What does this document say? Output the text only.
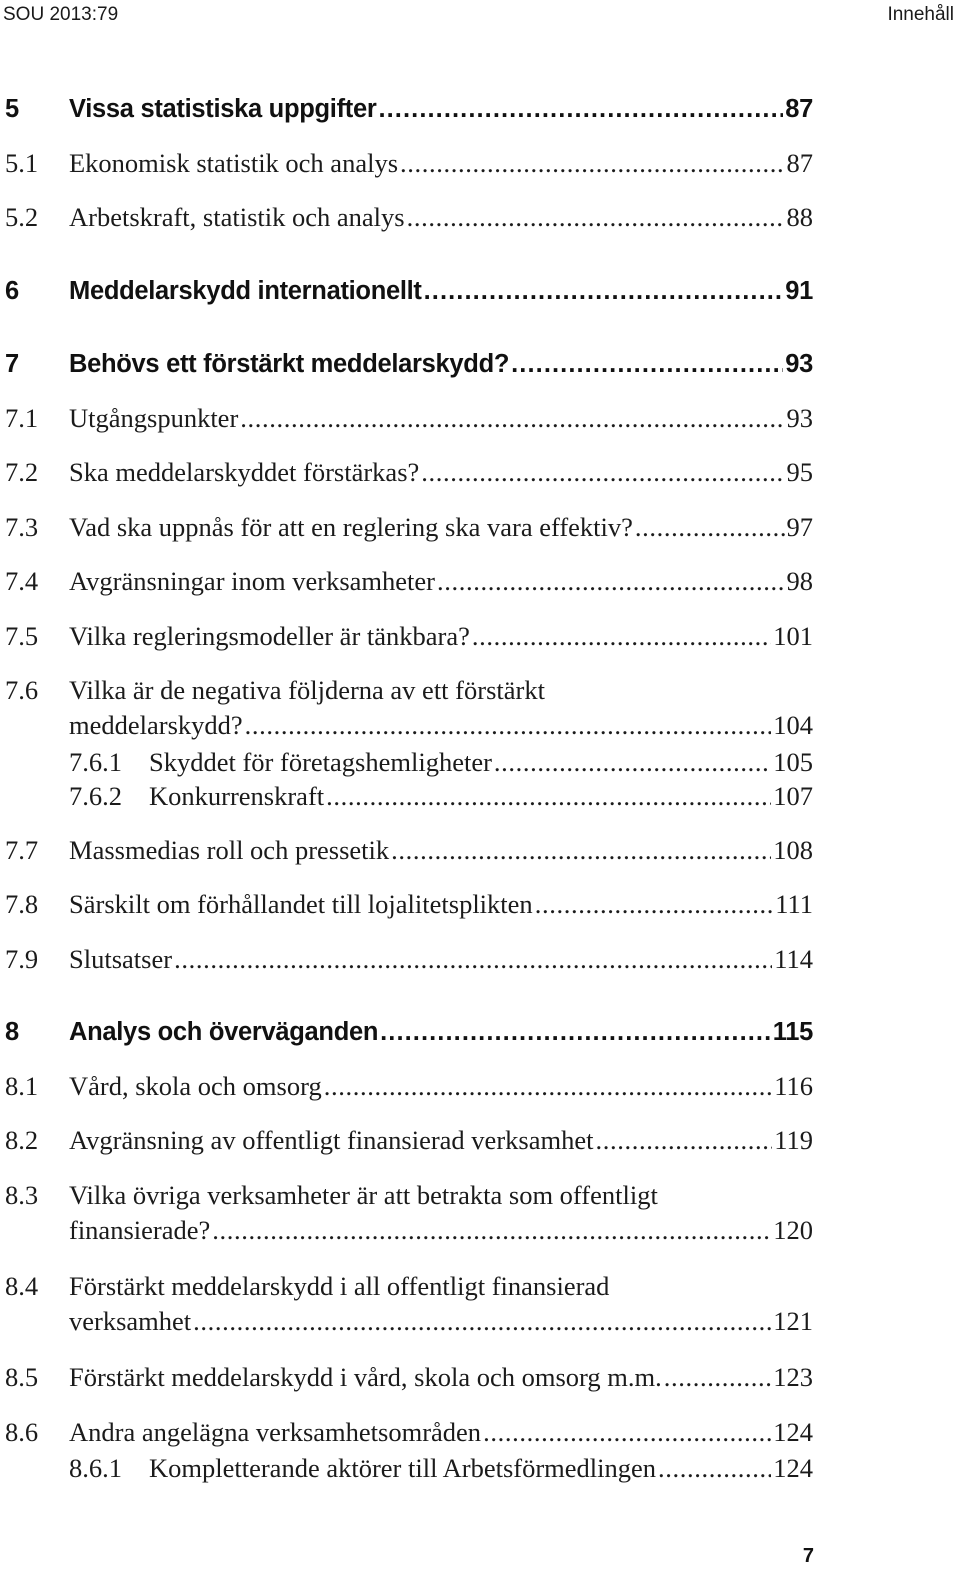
SOU 2013:79	Innehåll
5	Vissa statistiska uppgifter . . .	87
5.1	Ekonomisk statistik och analys . . .	87
5.2	Arbetskraft, statistik och analys . . .	88
6	Meddelarskydd internationellt . . .	91
7	Behövs ett förstärkt meddelarskydd? . . .	93
7.1	Utgångspunkter . . .	93
7.2	Ska meddelarskyddet förstärkas? . . .	95
7.3	Vad ska uppnås för att en reglering ska vara effektiv? . . .	97
7.4	Avgränsningar inom verksamheter . . .	98
7.5	Vilka regleringsmodeller är tänkbara? . . .	101
7.6	Vilka är de negativa följderna av ett förstärkt
meddelarskydd? . . .	104
7.6.1	Skyddet för företagshemligheter . . .	105
7.6.2	Konkurrenskraft . . .	107
7.7	Massmedias roll och pressetik . . .	108
7.8	Särskilt om förhållandet till lojalitetsplikten . . .	111
7.9	Slutsatser . . .	114
8	Analys och överväganden . . .	115
8.1	Vård, skola och omsorg . . .	116
8.2	Avgränsning av offentligt finansierad verksamhet . . .	119
8.3	Vilka övriga verksamheter är att betrakta som offentligt
finansierade? . . .	120
8.4	Förstärkt meddelarskydd i all offentligt finansierad
verksamhet . . .	121
8.5	Förstärkt meddelarskydd i vård, skola och omsorg m.m. . . .	123
8.6	Andra angelägna verksamhetsområden . . .	124
8.6.1	Kompletterande aktörer till Arbetsförmedlingen . . .	124
7
